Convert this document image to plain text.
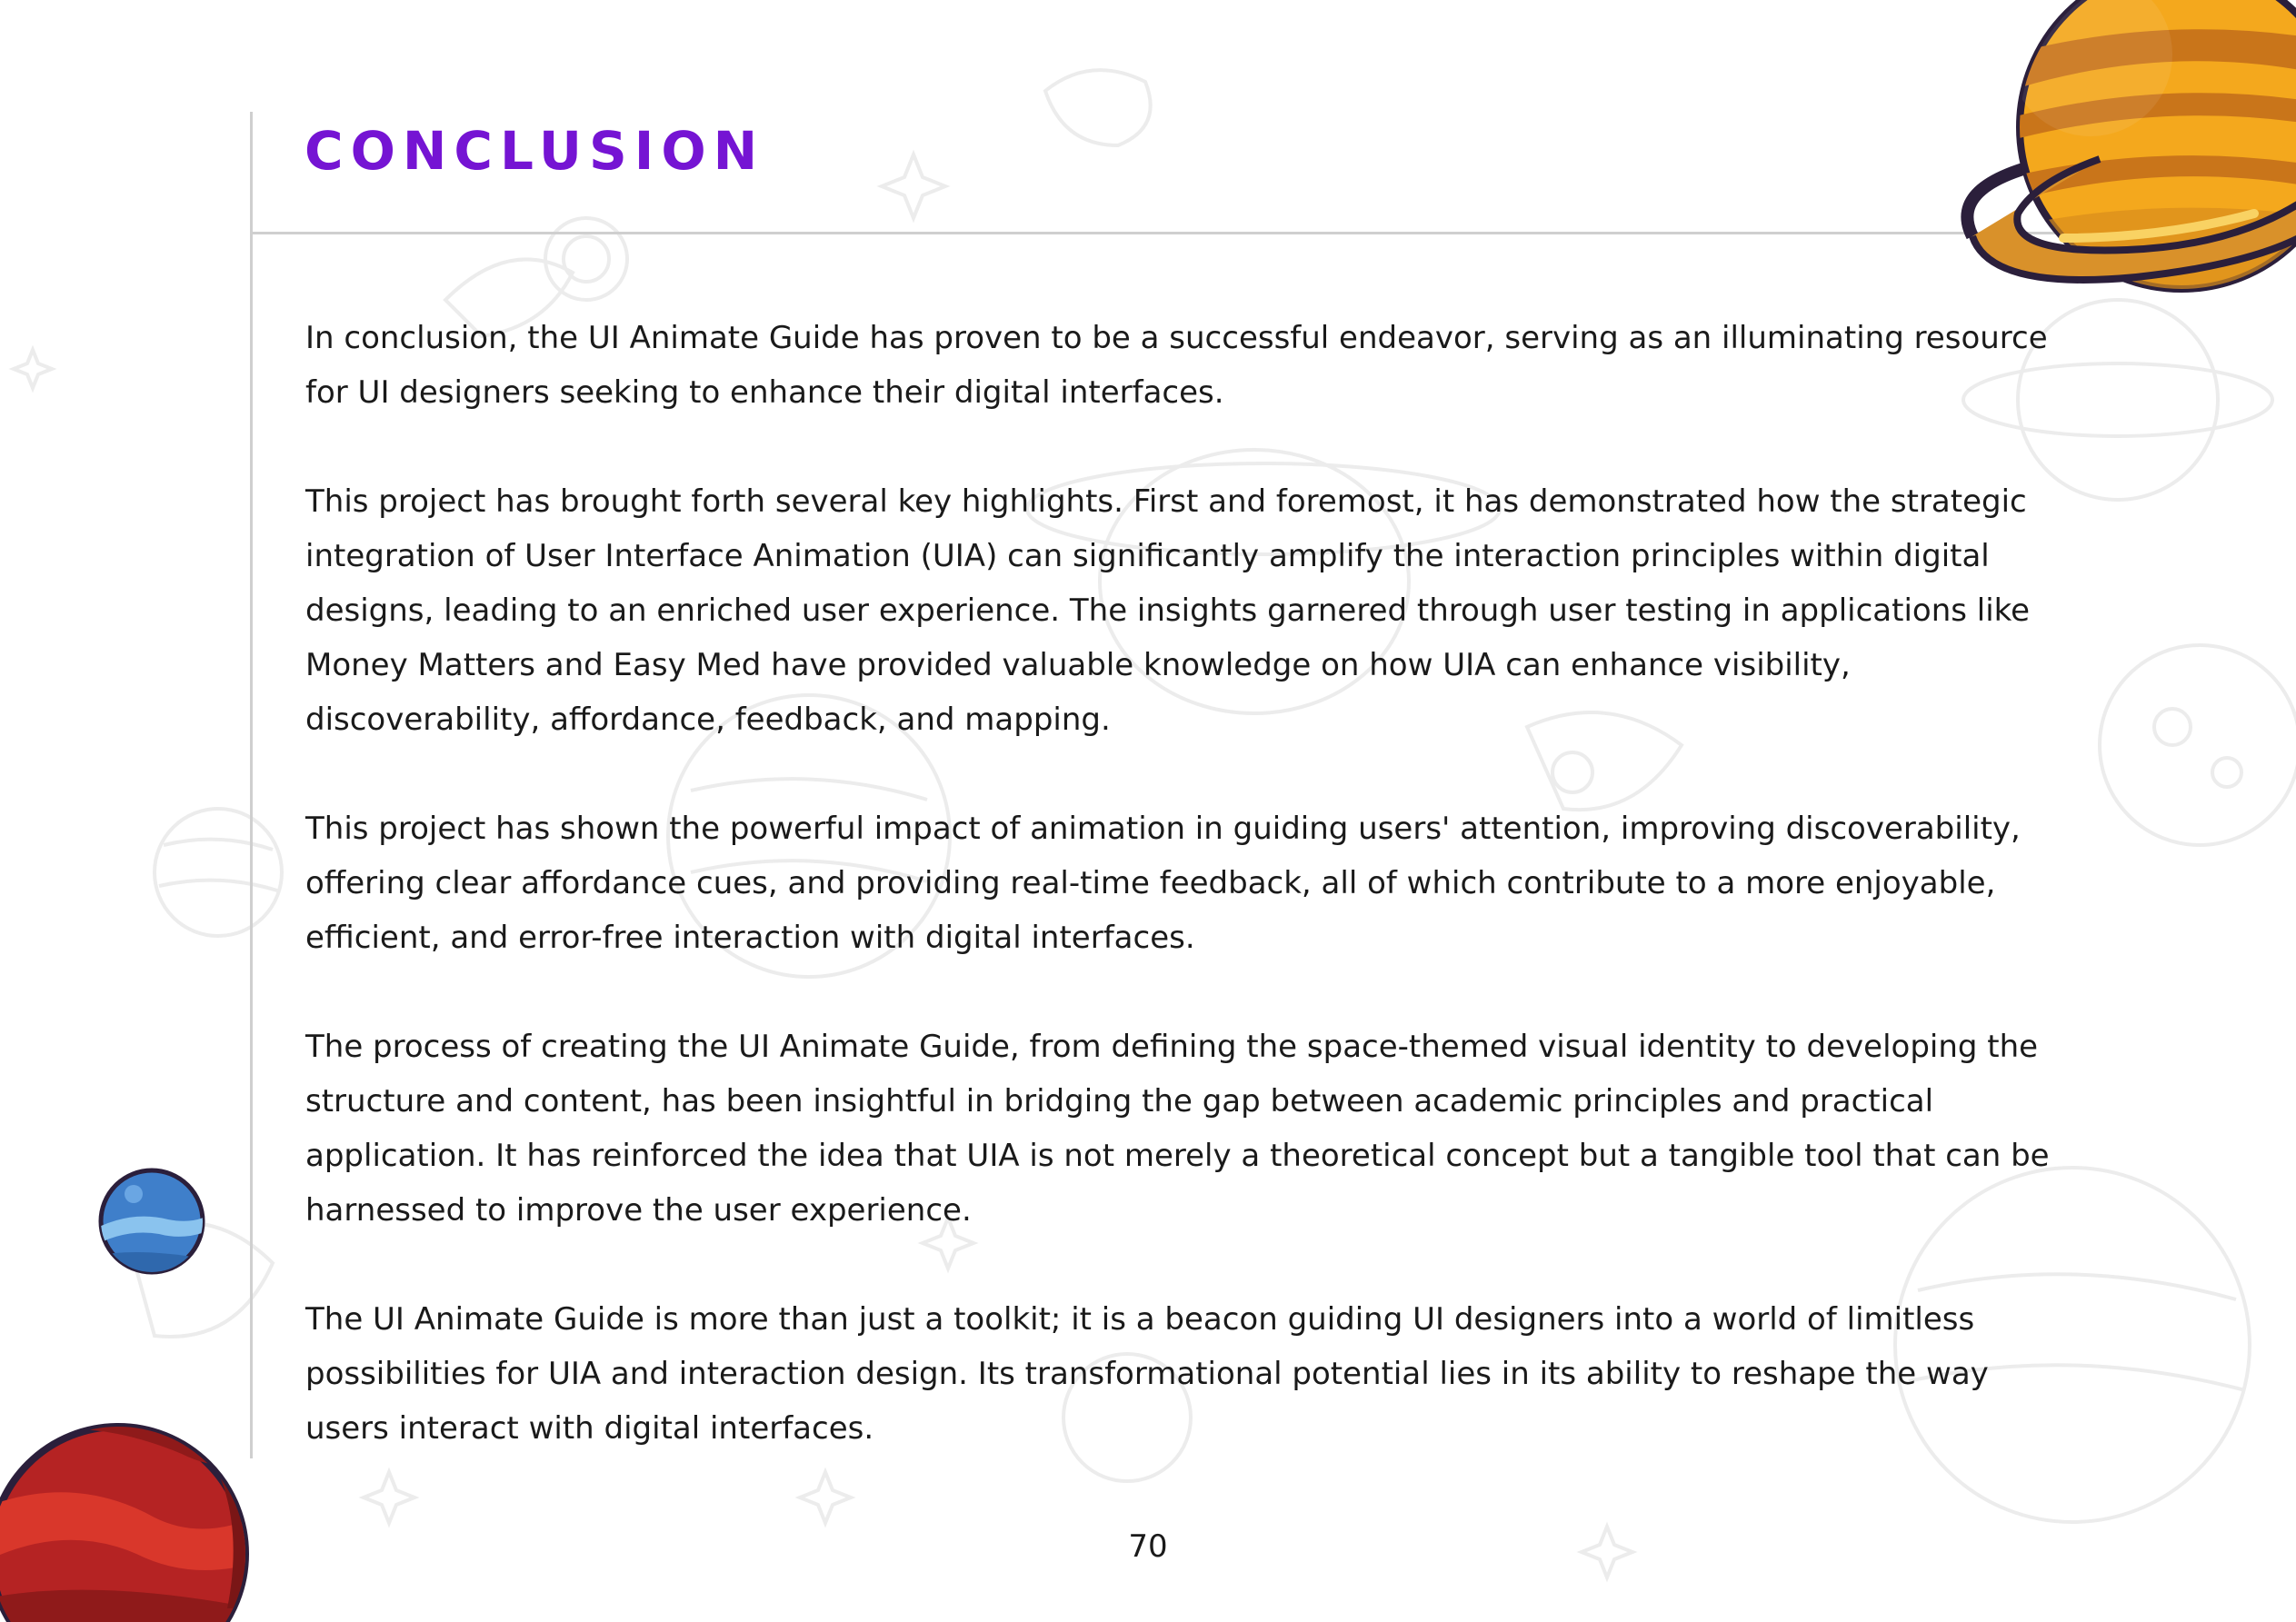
CONCLUSION

In conclusion, the UI Animate Guide has proven to be a successful endeavor, serving as an illuminating resource for UI designers seeking to enhance their digital interfaces.

This project has brought forth several key highlights. First and foremost, it has demonstrated how the strategic integration of User Interface Animation (UIA) can significantly amplify the interaction principles within digital designs, leading to an enriched user experience. The insights garnered through user testing in applications like Money Matters and Easy Med have provided valuable knowledge on how UIA can enhance visibility, discoverability, affordance, feedback, and mapping.

This project has shown the powerful impact of animation in guiding users' attention, improving discoverability, offering clear affordance cues, and providing real-time feedback, all of which contribute to a more enjoyable, efficient, and error-free interaction with digital interfaces.

The process of creating the UI Animate Guide, from defining the space-themed visual identity to developing the structure and content, has been insightful in bridging the gap between academic principles and practical application. It has reinforced the idea that UIA is not merely a theoretical concept but a tangible tool that can be harnessed to improve the user experience.

The UI Animate Guide is more than just a toolkit; it is a beacon guiding UI designers into a world of limitless possibilities for UIA and interaction design. Its transformational potential lies in its ability to reshape the way users interact with digital interfaces.

70
